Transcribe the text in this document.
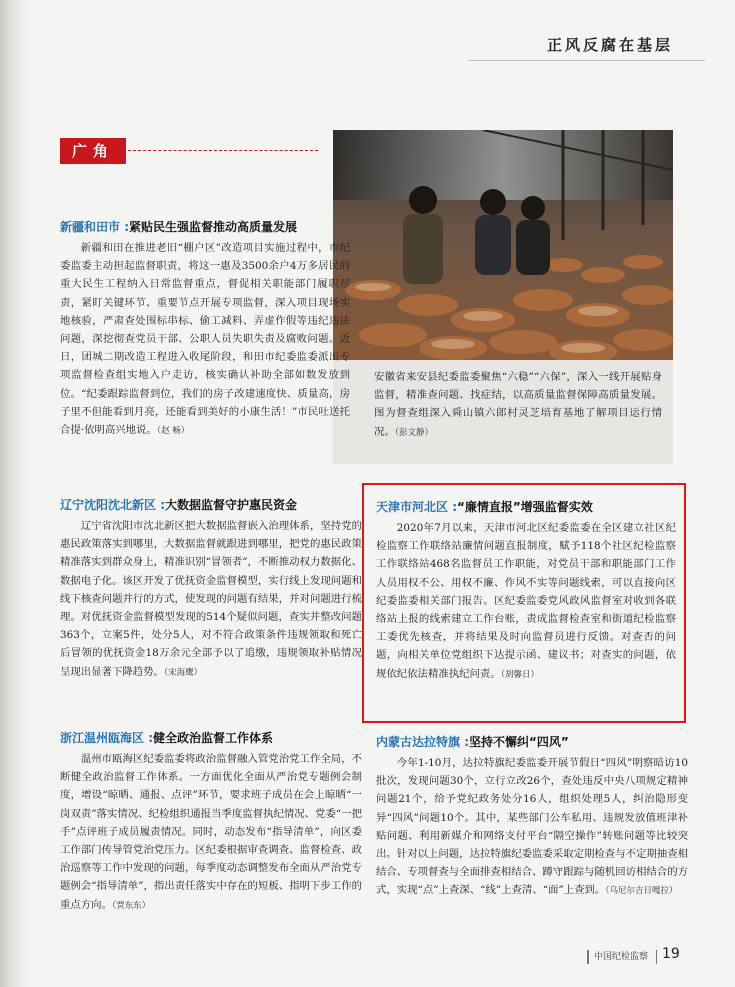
正风反腐在基层
广角

安徽省来安县纪委监委聚焦“六稳”“六保”，深入一线开展贴身监督，精准查问题、找症结，以高质量监督保障高质量发展。图为督查组深入舜山镇六郎村灵芝培育基地了解项目运行情况。（彭文静）

新疆和田市 :紧贴民生强监督推动高质量发展

新疆和田在推进老旧“棚户区”改造项目实施过程中，市纪委监委主动担起监督职责，将这一惠及3500余户4万多居民的重大民生工程纳入日常监督重点，督促相关职能部门履职尽责，紧盯关键环节、重要节点开展专项监督，深入项目现场实地核验，严肃查处围标串标、偷工减料、弄虚作假等违纪违法问题，深挖彻查党员干部、公职人员失职失责及腐败问题。近日，团城二期改造工程进入收尾阶段，和田市纪委监委派出专项监督检查组实地入户走访，核实确认补助全部如数发放到位。“纪委跟踪监督到位，我们的房子改建速度快、质量高，房子里不但能看到月亮，还能看到美好的小康生活！”市民吐送托合提·依明高兴地说。（赵 畅）

辽宁沈阳沈北新区 :大数据监督守护惠民资金

辽宁省沈阳市沈北新区把大数据监督嵌入治理体系，坚持党的惠民政策落实到哪里，大数据监督就跟进到哪里，把党的惠民政策精准落实到群众身上，精准识别“冒领者”，不断推动权力数据化、数据电子化。该区开发了优抚资金监督模型，实行线上发现问题和线下核查问题并行的方式，使发现的问题有结果，并对问题进行梳理。对优抚资金监督模型发现的514个疑似问题，查实并整改问题363个，立案5件，处分5人，对不符合政策条件违规领取和死亡后冒领的优抚资金18万余元全部予以了追缴，违规领取补贴情况呈现出显著下降趋势。（宋海鹰）

浙江温州瓯海区 :健全政治监督工作体系

温州市瓯海区纪委监委将政治监督融入管党治党工作全局，不断健全政治监督工作体系。一方面优化全面从严治党专题例会制度，增设“晾晒、通报、点评”环节，要求班子成员在会上晾晒“一岗双责”落实情况、纪检组织通报当季度监督执纪情况、党委“一把手”点评班子成员履责情况。同时，动态发布“指导清单”，向区委工作部门传导管党治党压力。区纪委根据审查调查、监督检查、政治巡察等工作中发现的问题，每季度动态调整发布全面从严治党专题例会“指导清单”，指出责任落实中存在的短板、指明下步工作的重点方向。（贾东东）

天津市河北区 :“廉情直报”增强监督实效

2020年7月以来，天津市河北区纪委监委在全区建立社区纪检监察工作联络站廉情问题直报制度，赋予118个社区纪检监察工作联络站468名监督员工作职能，对党员干部和职能部门工作人员用权不公、用权不廉、作风不实等问题线索，可以直接向区纪委监委相关部门报告。区纪委监委党风政风监督室对收到各联络站上报的线索建立工作台账，责成监督检查室和街道纪检监察工委优先核查，并将结果及时向监督员进行反馈。对查否的问题，向相关单位党组织下达提示函、建议书；对查实的问题，依规依纪依法精准执纪问责。（胡馨日）

内蒙古达拉特旗 :坚持不懈纠“四风”

今年1-10月，达拉特旗纪委监委开展节假日“四风”明察暗访10批次，发现问题30个，立行立改26个，查处违反中央八项规定精神问题21个，给予党纪政务处分16人，组织处理5人，纠治隐形变异“四风”问题10个。其中，某些部门公车私用、违规发放值班津补贴问题、利用新媒介和网络支付平台“隔空操作”转账问题等比较突出。针对以上问题，达拉特旗纪委监委采取定期检查与不定期抽查相结合、专项督查与全面排查相结合、蹲守跟踪与随机回访相结合的方式，实现“点”上查深、“线”上查清、“面”上查到。（乌尼尔吉日嘎拉）

中国纪检监察 19
